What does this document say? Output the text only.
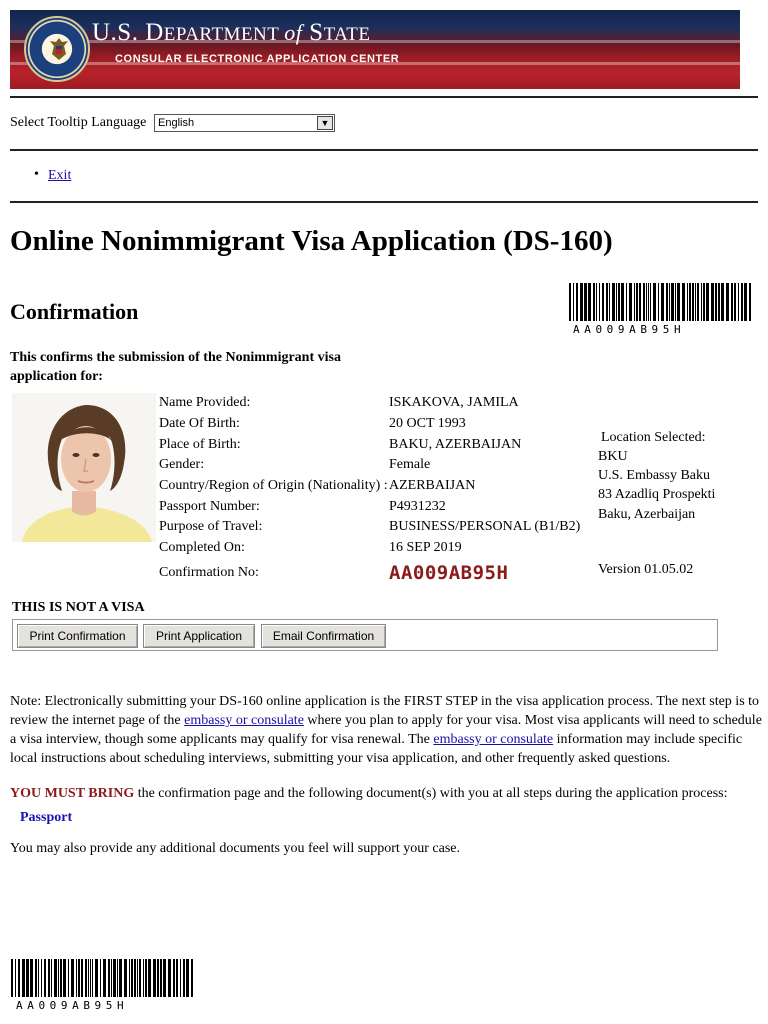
U.S. DEPARTMENT of STATE
CONSULAR ELECTRONIC APPLICATION CENTER
Select Tooltip Language	English	▼
• Exit
Online Nonimmigrant Visa Application (DS-160)
Confirmation
AA009AB95H
This confirms the submission of the Nonimmigrant visa application for:
Name Provided:	ISKAKOVA, JAMILA
Date Of Birth:	20 OCT 1993
Place of Birth:	BAKU, AZERBAIJAN
Gender:	Female
Country/Region of Origin (Nationality) : AZERBAIJAN
Passport Number:	P4931232
Purpose of Travel:	BUSINESS/PERSONAL (B1/B2)
Completed On:	16 SEP 2019
Confirmation No:	AA009AB95H
Location Selected:
BKU
U.S. Embassy Baku
83 Azadliq Prospekti
Baku, Azerbaijan
Version 01.05.02
THIS IS NOT A VISA
Print Confirmation	Print Application	Email Confirmation
Note: Electronically submitting your DS-160 online application is the FIRST STEP in the visa application process. The next step is to review the internet page of the embassy or consulate where you plan to apply for your visa. Most visa applicants will need to schedule a visa interview, though some applicants may qualify for visa renewal. The embassy or consulate information may include specific local instructions about scheduling interviews, submitting your visa application, and other frequently asked questions.
YOU MUST BRING the confirmation page and the following document(s) with you at all steps during the application process:
Passport
You may also provide any additional documents you feel will support your case.
AA009AB95H
